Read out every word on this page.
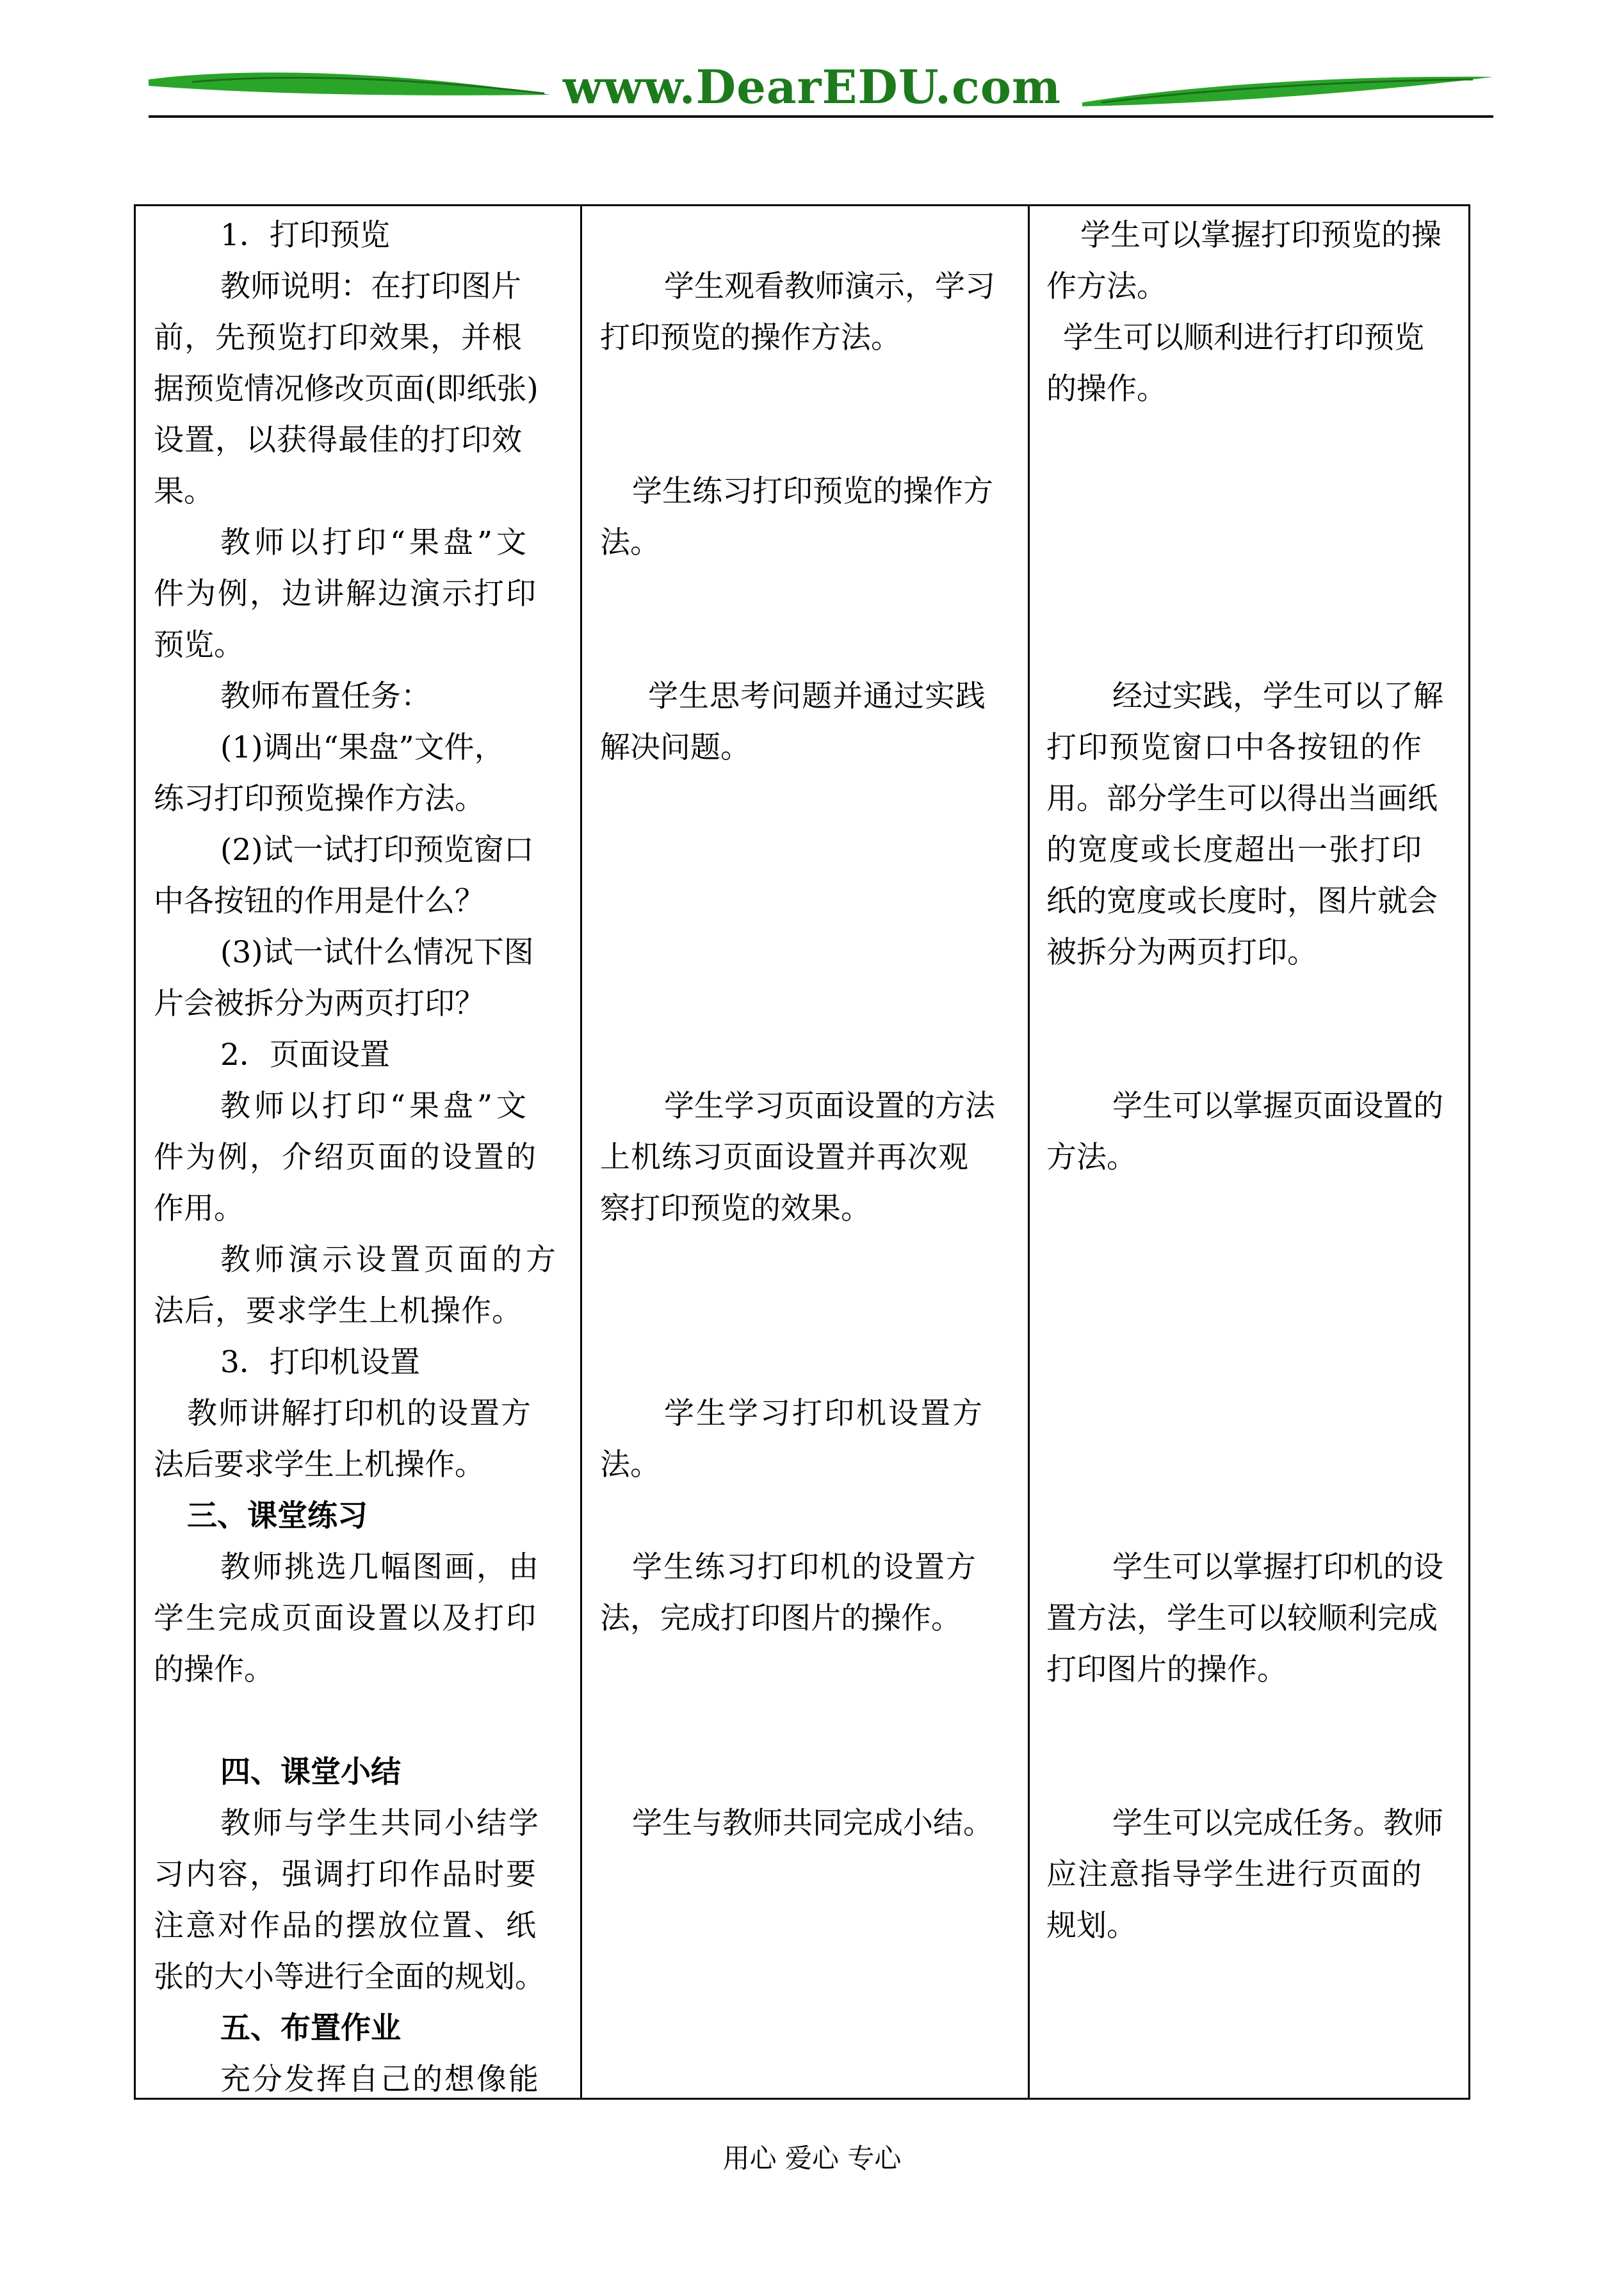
www.DearEDU.com
1．打印预览
教师说明：在打印图片
前，先预览打印效果，并根
据预览情况修改页面(即纸张)
设置，以获得最佳的打印效
果。
教师以打印“果盘”文
件为例，边讲解边演示打印
预览。
教师布置任务：
(1)调出“果盘”文件，
练习打印预览操作方法。
(2)试一试打印预览窗口
中各按钮的作用是什么？
(3)试一试什么情况下图
片会被拆分为两页打印？
2．页面设置
教师以打印“果盘”文
件为例，介绍页面的设置的
作用。
教师演示设置页面的方
法后，要求学生上机操作。
3．打印机设置
教师讲解打印机的设置方
法后要求学生上机操作。
三、课堂练习
教师挑选几幅图画，由
学生完成页面设置以及打印
的操作。
四、课堂小结
教师与学生共同小结学
习内容，强调打印作品时要
注意对作品的摆放位置、纸
张的大小等进行全面的规划。
五、布置作业
充分发挥自己的想像能
学生观看教师演示，学习
打印预览的操作方法。
学生练习打印预览的操作方
法。
学生思考问题并通过实践
解决问题。
学生学习页面设置的方法
上机练习页面设置并再次观
察打印预览的效果。
学生学习打印机设置方
法。
学生练习打印机的设置方
法，完成打印图片的操作。
学生与教师共同完成小结。
学生可以掌握打印预览的操
作方法。
学生可以顺利进行打印预览
的操作。
经过实践，学生可以了解
打印预览窗口中各按钮的作
用。部分学生可以得出当画纸
的宽度或长度超出一张打印
纸的宽度或长度时，图片就会
被拆分为两页打印。
学生可以掌握页面设置的
方法。
学生可以掌握打印机的设
置方法，学生可以较顺利完成
打印图片的操作。
学生可以完成任务。教师
应注意指导学生进行页面的
规划。
用心 爱心 专心
